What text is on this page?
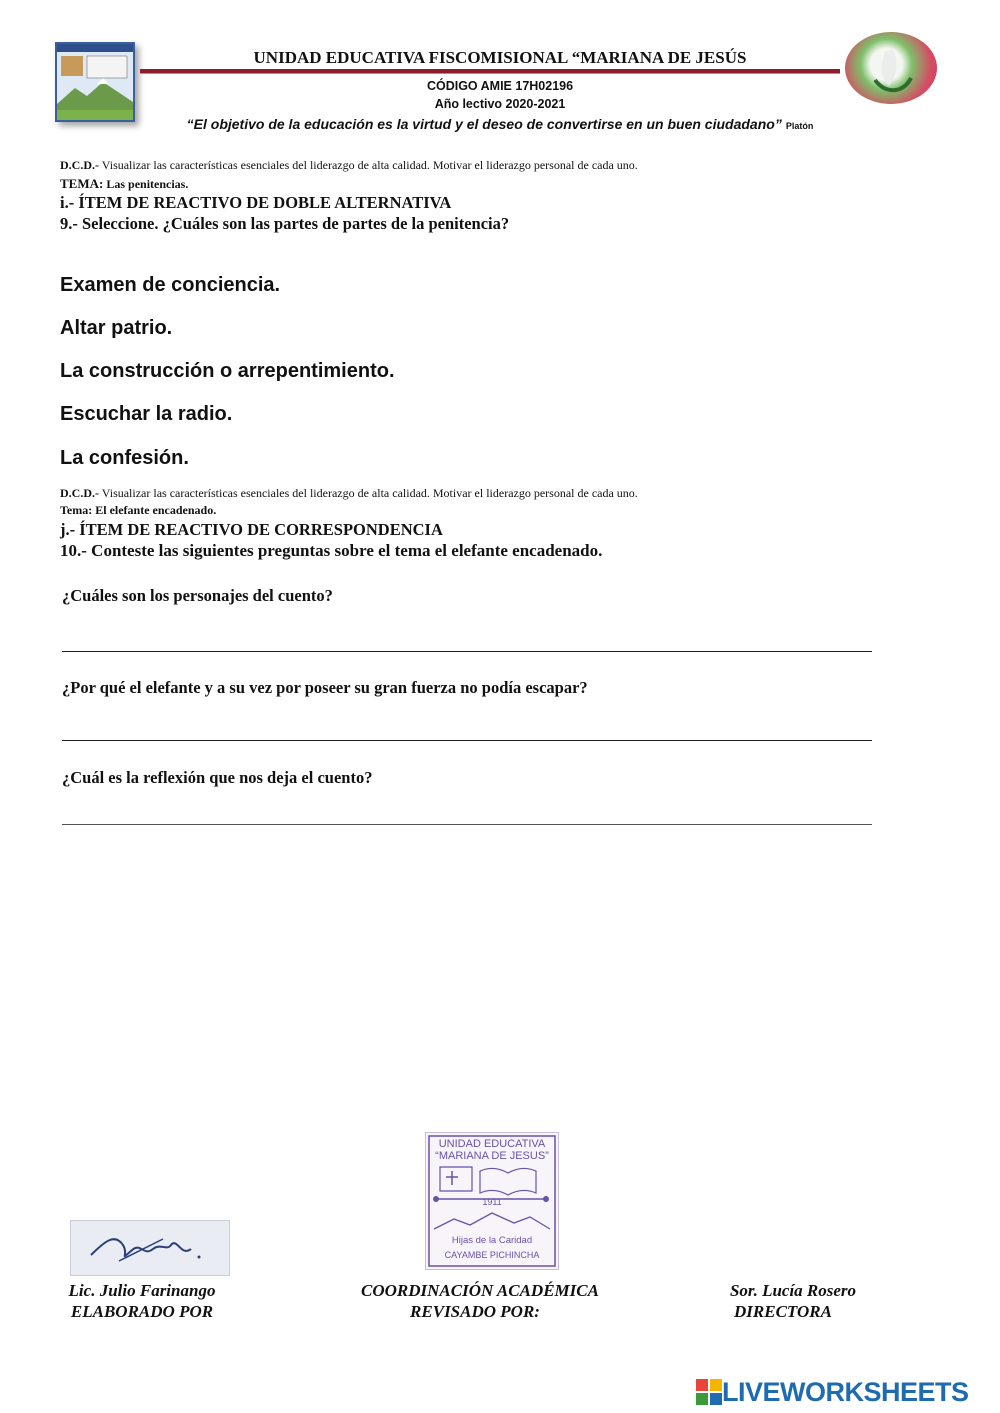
UNIDAD EDUCATIVA FISCOMISIONAL “MARIANA DE JESÚS
CÓDIGO AMIE 17H02196
Año lectivo 2020-2021
“El objetivo de la educación es la virtud y el deseo de convertirse en un buen ciudadano” Platón
D.C.D.- Visualizar las características esenciales del liderazgo de alta calidad. Motivar el liderazgo personal de cada uno.
TEMA: Las penitencias.
i.- ÍTEM DE REACTIVO DE DOBLE ALTERNATIVA
9.- Seleccione. ¿Cuáles son las partes de partes de la penitencia?
Examen de conciencia.
Altar patrio.
La construcción o arrepentimiento.
Escuchar la radio.
La confesión.
D.C.D.- Visualizar las características esenciales del liderazgo de alta calidad. Motivar el liderazgo personal de cada uno.
Tema: El elefante encadenado.
j.- ÍTEM DE REACTIVO DE CORRESPONDENCIA
10.- Conteste las siguientes preguntas sobre el tema el elefante encadenado.
¿Cuáles son los personajes del cuento?
¿Por qué el elefante y a su vez por poseer su gran fuerza no podía escapar?
¿Cuál es la reflexión que nos deja el cuento?
UNIDAD EDUCATIVA
“MARIANA DE JESUS”
1911
Hijas de la Caridad
CAYAMBE PICHINCHA
Lic. Julio Farinango
ELABORADO POR
COORDINACIÓN ACADÉMICA
REVISADO POR:
Sor. Lucía Rosero
DIRECTORA
LIVEWORKSHEETS
